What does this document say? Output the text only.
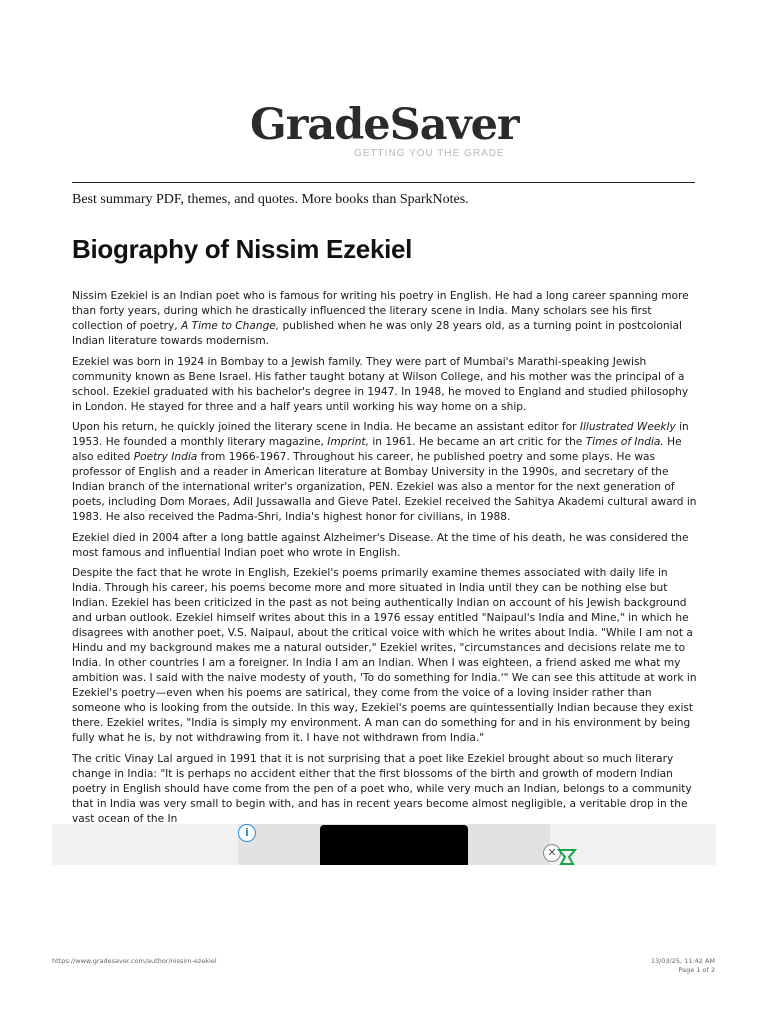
GradeSaver
GETTING YOU THE GRADE
Best summary PDF, themes, and quotes. More books than SparkNotes.
Biography of Nissim Ezekiel

Nissim Ezekiel is an Indian poet who is famous for writing his poetry in English. He had a long career spanning more than forty years, during which he drastically influenced the literary scene in India. Many scholars see his first collection of poetry, A Time to Change, published when he was only 28 years old, as a turning point in postcolonial Indian literature towards modernism.

Ezekiel was born in 1924 in Bombay to a Jewish family. They were part of Mumbai's Marathi-speaking Jewish community known as Bene Israel. His father taught botany at Wilson College, and his mother was the principal of a school. Ezekiel graduated with his bachelor's degree in 1947. In 1948, he moved to England and studied philosophy in London. He stayed for three and a half years until working his way home on a ship.

Upon his return, he quickly joined the literary scene in India. He became an assistant editor for Illustrated Weekly in 1953. He founded a monthly literary magazine, Imprint, in 1961. He became an art critic for the Times of India. He also edited Poetry India from 1966-1967. Throughout his career, he published poetry and some plays. He was professor of English and a reader in American literature at Bombay University in the 1990s, and secretary of the Indian branch of the international writer's organization, PEN. Ezekiel was also a mentor for the next generation of poets, including Dom Moraes, Adil Jussawalla and Gieve Patel. Ezekiel received the Sahitya Akademi cultural award in 1983. He also received the Padma-Shri, India's highest honor for civilians, in 1988.

Ezekiel died in 2004 after a long battle against Alzheimer's Disease. At the time of his death, he was considered the most famous and influential Indian poet who wrote in English.

Despite the fact that he wrote in English, Ezekiel's poems primarily examine themes associated with daily life in India. Through his career, his poems become more and more situated in India until they can be nothing else but Indian. Ezekiel has been criticized in the past as not being authentically Indian on account of his Jewish background and urban outlook. Ezekiel himself writes about this in a 1976 essay entitled "Naipaul's India and Mine," in which he disagrees with another poet, V.S. Naipaul, about the critical voice with which he writes about India. "While I am not a Hindu and my background makes me a natural outsider," Ezekiel writes, "circumstances and decisions relate me to India. In other countries I am a foreigner. In India I am an Indian. When I was eighteen, a friend asked me what my ambition was. I said with the naive modesty of youth, 'To do something for India.'" We can see this attitude at work in Ezekiel's poetry—even when his poems are satirical, they come from the voice of a loving insider rather than someone who is looking from the outside. In this way, Ezekiel's poems are quintessentially Indian because they exist there. Ezekiel writes, "India is simply my environment. A man can do something for and in his environment by being fully what he is, by not withdrawing from it. I have not withdrawn from India."

The critic Vinay Lal argued in 1991 that it is not surprising that a poet like Ezekiel brought about so much literary change in India: "It is perhaps no accident either that the first blossoms of the birth and growth of modern Indian poetry in English should have come from the pen of a poet who, while very much an Indian, belongs to a community that in India was very small to begin with, and has in recent years become almost negligible, a veritable drop in the vast ocean of the In

i
✕
https://www.gradesaver.com/author/nissim-ezekiel	13/03/25, 11:42 AM
Page 1 of 2
